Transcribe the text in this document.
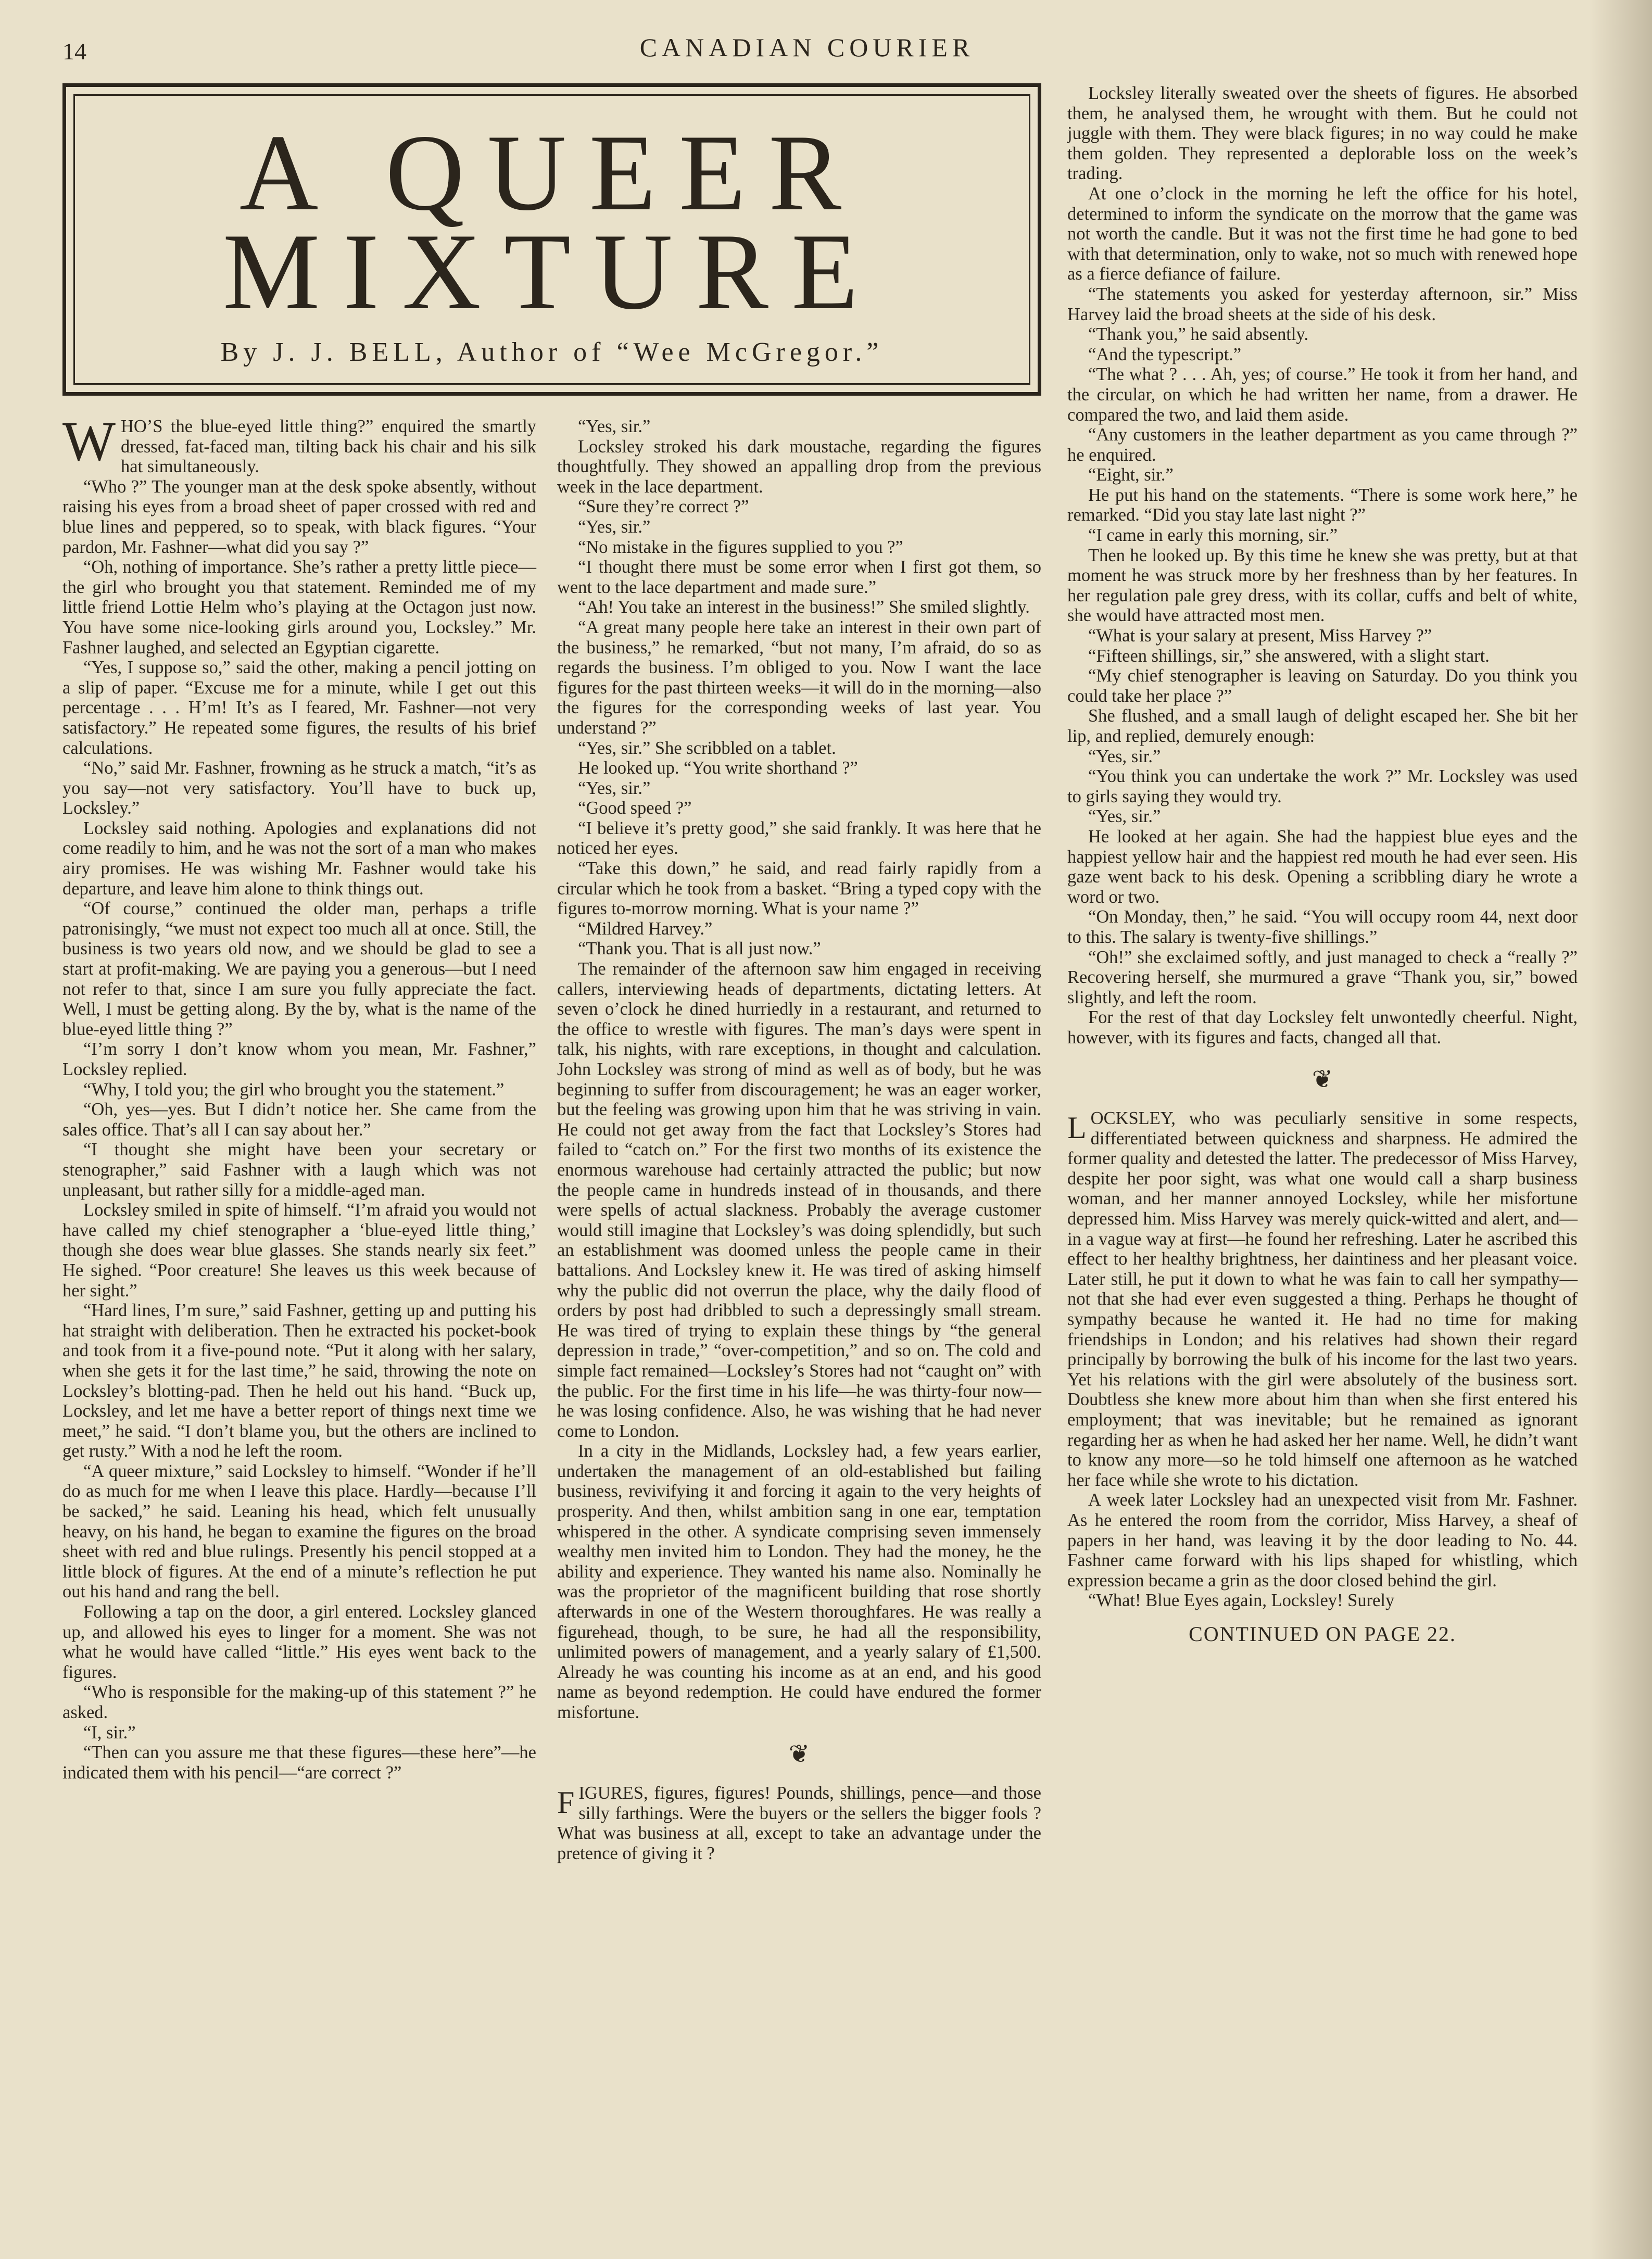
14	CANADIAN COURIER
A QUEER
MIXTURE
By J. J. BELL, Author of “Wee McGregor.”

WHO’S the blue-eyed little thing?” enquired the smartly dressed, fat-faced man, tilting back his chair and his silk hat simultaneously.

“Who ?” The younger man at the desk spoke absently, without raising his eyes from a broad sheet of paper crossed with red and blue lines and peppered, so to speak, with black figures. “Your pardon, Mr. Fashner—what did you say ?”

“Oh, nothing of importance. She’s rather a pretty little piece—the girl who brought you that statement. Reminded me of my little friend Lottie Helm who’s playing at the Octagon just now. You have some nice-looking girls around you, Locksley.” Mr. Fashner laughed, and selected an Egyptian cigarette.

“Yes, I suppose so,” said the other, making a pencil jotting on a slip of paper. “Excuse me for a minute, while I get out this percentage . . . H’m! It’s as I feared, Mr. Fashner—not very satisfactory.” He repeated some figures, the results of his brief calculations.

“No,” said Mr. Fashner, frowning as he struck a match, “it’s as you say—not very satisfactory. You’ll have to buck up, Locksley.”

Locksley said nothing. Apologies and explanations did not come readily to him, and he was not the sort of a man who makes airy promises. He was wishing Mr. Fashner would take his departure, and leave him alone to think things out.

“Of course,” continued the older man, perhaps a trifle patronisingly, “we must not expect too much all at once. Still, the business is two years old now, and we should be glad to see a start at profit-making. We are paying you a generous—but I need not refer to that, since I am sure you fully appreciate the fact. Well, I must be getting along. By the by, what is the name of the blue-eyed little thing ?”

“I’m sorry I don’t know whom you mean, Mr. Fashner,” Locksley replied.

“Why, I told you; the girl who brought you the statement.”

“Oh, yes—yes. But I didn’t notice her. She came from the sales office. That’s all I can say about her.”

“I thought she might have been your secretary or stenographer,” said Fashner with a laugh which was not unpleasant, but rather silly for a middle-aged man.

Locksley smiled in spite of himself. “I’m afraid you would not have called my chief stenographer a ‘blue-eyed little thing,’ though she does wear blue glasses. She stands nearly six feet.” He sighed. “Poor creature! She leaves us this week because of her sight.”

“Hard lines, I’m sure,” said Fashner, getting up and putting his hat straight with deliberation. Then he extracted his pocket-book and took from it a five-pound note. “Put it along with her salary, when she gets it for the last time,” he said, throwing the note on Locksley’s blotting-pad. Then he held out his hand. “Buck up, Locksley, and let me have a better report of things next time we meet,” he said. “I don’t blame you, but the others are inclined to get rusty.” With a nod he left the room.

“A queer mixture,” said Locksley to himself. “Wonder if he’ll do as much for me when I leave this place. Hardly—because I’ll be sacked,” he said. Leaning his head, which felt unusually heavy, on his hand, he began to examine the figures on the broad sheet with red and blue rulings. Presently his pencil stopped at a little block of figures. At the end of a minute’s reflection he put out his hand and rang the bell.

Following a tap on the door, a girl entered. Locksley glanced up, and allowed his eyes to linger for a moment. She was not what he would have called “little.” His eyes went back to the figures.

“Who is responsible for the making-up of this statement ?” he asked.

“I, sir.”

“Then can you assure me that these figures—these here”—he indicated them with his pencil—“are correct ?”

“Yes, sir.”

Locksley stroked his dark moustache, regarding the figures thoughtfully. They showed an appalling drop from the previous week in the lace department.

“Sure they’re correct ?”

“Yes, sir.”

“No mistake in the figures supplied to you ?”

“I thought there must be some error when I first got them, so went to the lace department and made sure.”

“Ah! You take an interest in the business!” She smiled slightly.

“A great many people here take an interest in their own part of the business,” he remarked, “but not many, I’m afraid, do so as regards the business. I’m obliged to you. Now I want the lace figures for the past thirteen weeks—it will do in the morning—also the figures for the corresponding weeks of last year. You understand ?”

“Yes, sir.” She scribbled on a tablet.

He looked up. “You write shorthand ?”

“Yes, sir.”

“Good speed ?”

“I believe it’s pretty good,” she said frankly. It was here that he noticed her eyes.

“Take this down,” he said, and read fairly rapidly from a circular which he took from a basket. “Bring a typed copy with the figures to-morrow morning. What is your name ?”

“Mildred Harvey.”

“Thank you. That is all just now.”

The remainder of the afternoon saw him engaged in receiving callers, interviewing heads of departments, dictating letters. At seven o’clock he dined hurriedly in a restaurant, and returned to the office to wrestle with figures. The man’s days were spent in talk, his nights, with rare exceptions, in thought and calculation. John Locksley was strong of mind as well as of body, but he was beginning to suffer from discouragement; he was an eager worker, but the feeling was growing upon him that he was striving in vain. He could not get away from the fact that Locksley’s Stores had failed to “catch on.” For the first two months of its existence the enormous warehouse had certainly attracted the public; but now the people came in hundreds instead of in thousands, and there were spells of actual slackness. Probably the average customer would still imagine that Locksley’s was doing splendidly, but such an establishment was doomed unless the people came in their battalions. And Locksley knew it. He was tired of asking himself why the public did not overrun the place, why the daily flood of orders by post had dribbled to such a depressingly small stream. He was tired of trying to explain these things by “the general depression in trade,” “over-competition,” and so on. The cold and simple fact remained—Locksley’s Stores had not “caught on” with the public. For the first time in his life—he was thirty-four now—he was losing confidence. Also, he was wishing that he had never come to London.

In a city in the Midlands, Locksley had, a few years earlier, undertaken the management of an old-established but failing business, revivifying it and forcing it again to the very heights of prosperity. And then, whilst ambition sang in one ear, temptation whispered in the other. A syndicate comprising seven immensely wealthy men invited him to London. They had the money, he the ability and experience. They wanted his name also. Nominally he was the proprietor of the magnificent building that rose shortly afterwards in one of the Western thoroughfares. He was really a figurehead, though, to be sure, he had all the responsibility, unlimited powers of management, and a yearly salary of £1,500. Already he was counting his income as at an end, and his good name as beyond redemption. He could have endured the former misfortune.

❦

FIGURES, figures, figures! Pounds, shillings, pence—and those silly farthings. Were the buyers or the sellers the bigger fools ? What was business at all, except to take an advantage under the pretence of giving it ?

Locksley literally sweated over the sheets of figures. He absorbed them, he analysed them, he wrought with them. But he could not juggle with them. They were black figures; in no way could he make them golden. They represented a deplorable loss on the week’s trading.

At one o’clock in the morning he left the office for his hotel, determined to inform the syndicate on the morrow that the game was not worth the candle. But it was not the first time he had gone to bed with that determination, only to wake, not so much with renewed hope as a fierce defiance of failure.

“The statements you asked for yesterday afternoon, sir.” Miss Harvey laid the broad sheets at the side of his desk.

“Thank you,” he said absently.

“And the typescript.”

“The what ? . . . Ah, yes; of course.” He took it from her hand, and the circular, on which he had written her name, from a drawer. He compared the two, and laid them aside.

“Any customers in the leather department as you came through ?” he enquired.

“Eight, sir.”

He put his hand on the statements. “There is some work here,” he remarked. “Did you stay late last night ?”

“I came in early this morning, sir.”

Then he looked up. By this time he knew she was pretty, but at that moment he was struck more by her freshness than by her features. In her regulation pale grey dress, with its collar, cuffs and belt of white, she would have attracted most men.

“What is your salary at present, Miss Harvey ?”

“Fifteen shillings, sir,” she answered, with a slight start.

“My chief stenographer is leaving on Saturday. Do you think you could take her place ?”

She flushed, and a small laugh of delight escaped her. She bit her lip, and replied, demurely enough:

“Yes, sir.”

“You think you can undertake the work ?” Mr. Locksley was used to girls saying they would try.

“Yes, sir.”

He looked at her again. She had the happiest blue eyes and the happiest yellow hair and the happiest red mouth he had ever seen. His gaze went back to his desk. Opening a scribbling diary he wrote a word or two.

“On Monday, then,” he said. “You will occupy room 44, next door to this. The salary is twenty-five shillings.”

“Oh!” she exclaimed softly, and just managed to check a “really ?” Recovering herself, she murmured a grave “Thank you, sir,” bowed slightly, and left the room.

For the rest of that day Locksley felt unwontedly cheerful. Night, however, with its figures and facts, changed all that.

❦

LOCKSLEY, who was peculiarly sensitive in some respects, differentiated between quickness and sharpness. He admired the former quality and detested the latter. The predecessor of Miss Harvey, despite her poor sight, was what one would call a sharp business woman, and her manner annoyed Locksley, while her misfortune depressed him. Miss Harvey was merely quick-witted and alert, and—in a vague way at first—he found her refreshing. Later he ascribed this effect to her healthy brightness, her daintiness and her pleasant voice. Later still, he put it down to what he was fain to call her sympathy—not that she had ever even suggested a thing. Perhaps he thought of sympathy because he wanted it. He had no time for making friendships in London; and his relatives had shown their regard principally by borrowing the bulk of his income for the last two years. Yet his relations with the girl were absolutely of the business sort. Doubtless she knew more about him than when she first entered his employment; that was inevitable; but he remained as ignorant regarding her as when he had asked her her name. Well, he didn’t want to know any more—so he told himself one afternoon as he watched her face while she wrote to his dictation.

A week later Locksley had an unexpected visit from Mr. Fashner. As he entered the room from the corridor, Miss Harvey, a sheaf of papers in her hand, was leaving it by the door leading to No. 44. Fashner came forward with his lips shaped for whistling, which expression became a grin as the door closed behind the girl.

“What! Blue Eyes again, Locksley! Surely

CONTINUED ON PAGE 22.
